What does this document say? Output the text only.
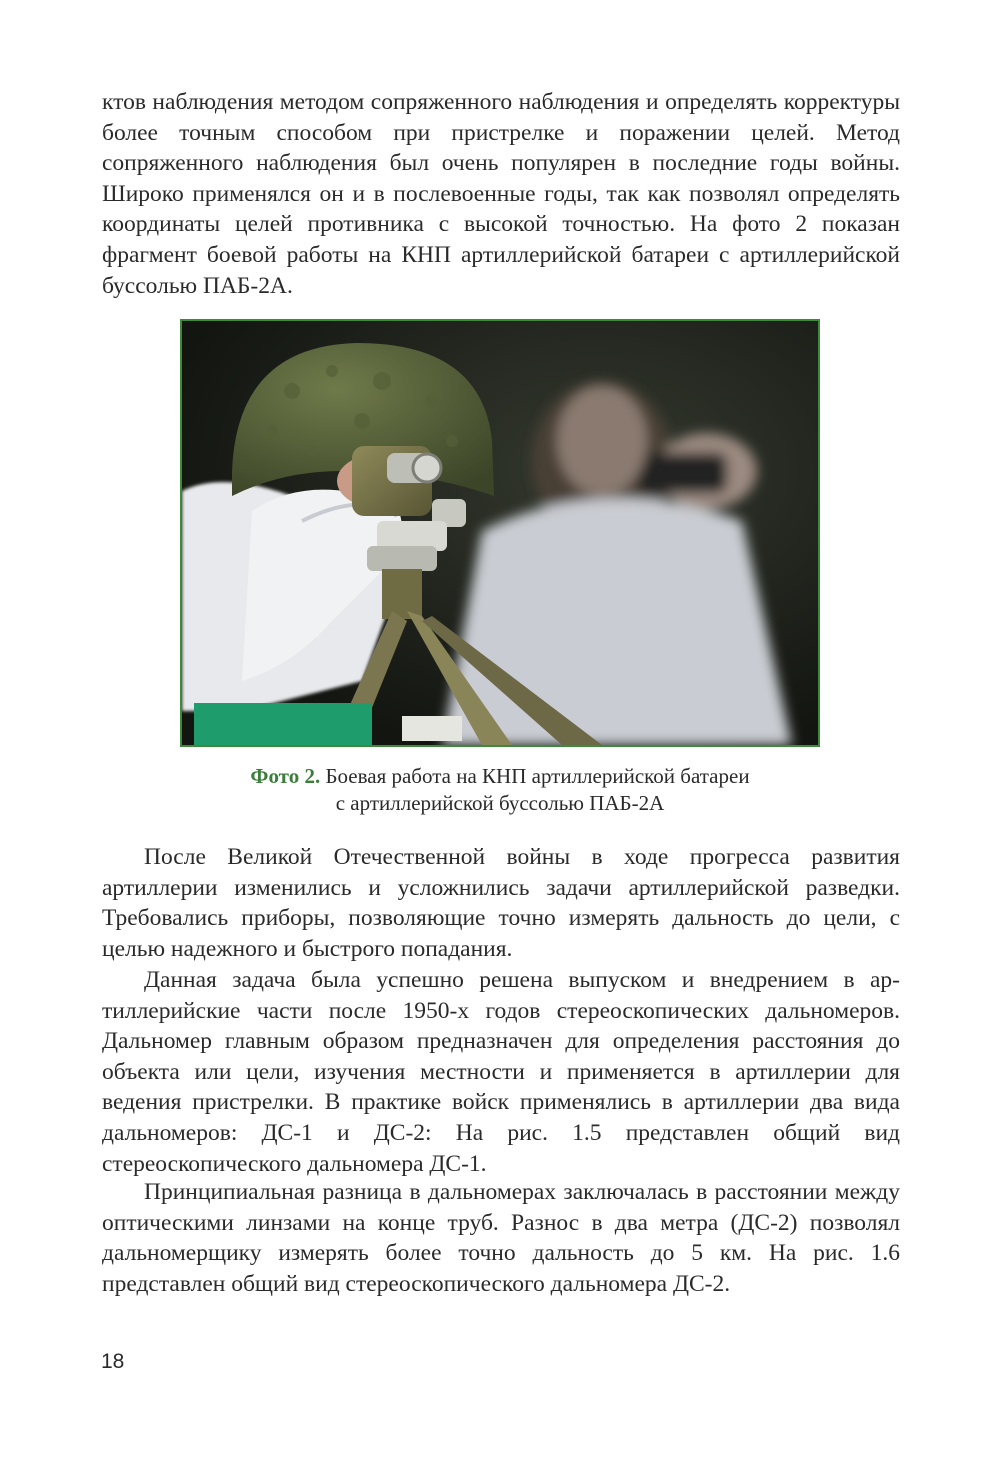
ктов наблюдения методом сопряженного наблюдения и определять корректуры более точным способом при пристрелке и поражении целей. Метод сопряженного наблюдения был очень популярен в последние годы войны. Широко применялся он и в послевоенные годы, так как позволял определять координаты целей противника с высокой точностью. На фото 2 показан фрагмент боевой работы на КНП артиллерийской батареи с артиллерийской буссолью ПАБ-2А.

Фото 2. Боевая работа на КНП артиллерийской батареи
с артиллерийской буссолью ПАБ-2А

После Великой Отечественной войны в ходе прогресса развития артиллерии изменились и усложнились задачи артиллерийской разведки. Требовались приборы, позволяющие точно измерять дальность до цели, с целью надежного и быстрого попадания.

Данная задача была успешно решена выпуском и внедрением в артиллерийские части после 1950-х годов стереоскопических дальномеров. Дальномер главным образом предназначен для определения расстояния до объекта или цели, изучения местности и применяется в артиллерии для ведения пристрелки. В практике войск применялись в артиллерии два вида дальномеров: ДС-1 и ДС-2: На рис. 1.5 представлен общий вид стереоскопического дальномера ДС-1.

Принципиальная разница в дальномерах заключалась в расстоянии между оптическими линзами на конце труб. Разнос в два метра (ДС-2) позволял дальномерщику измерять более точно дальность до 5 км. На рис. 1.6 представлен общий вид стереоскопического дальномера ДС-2.

18
